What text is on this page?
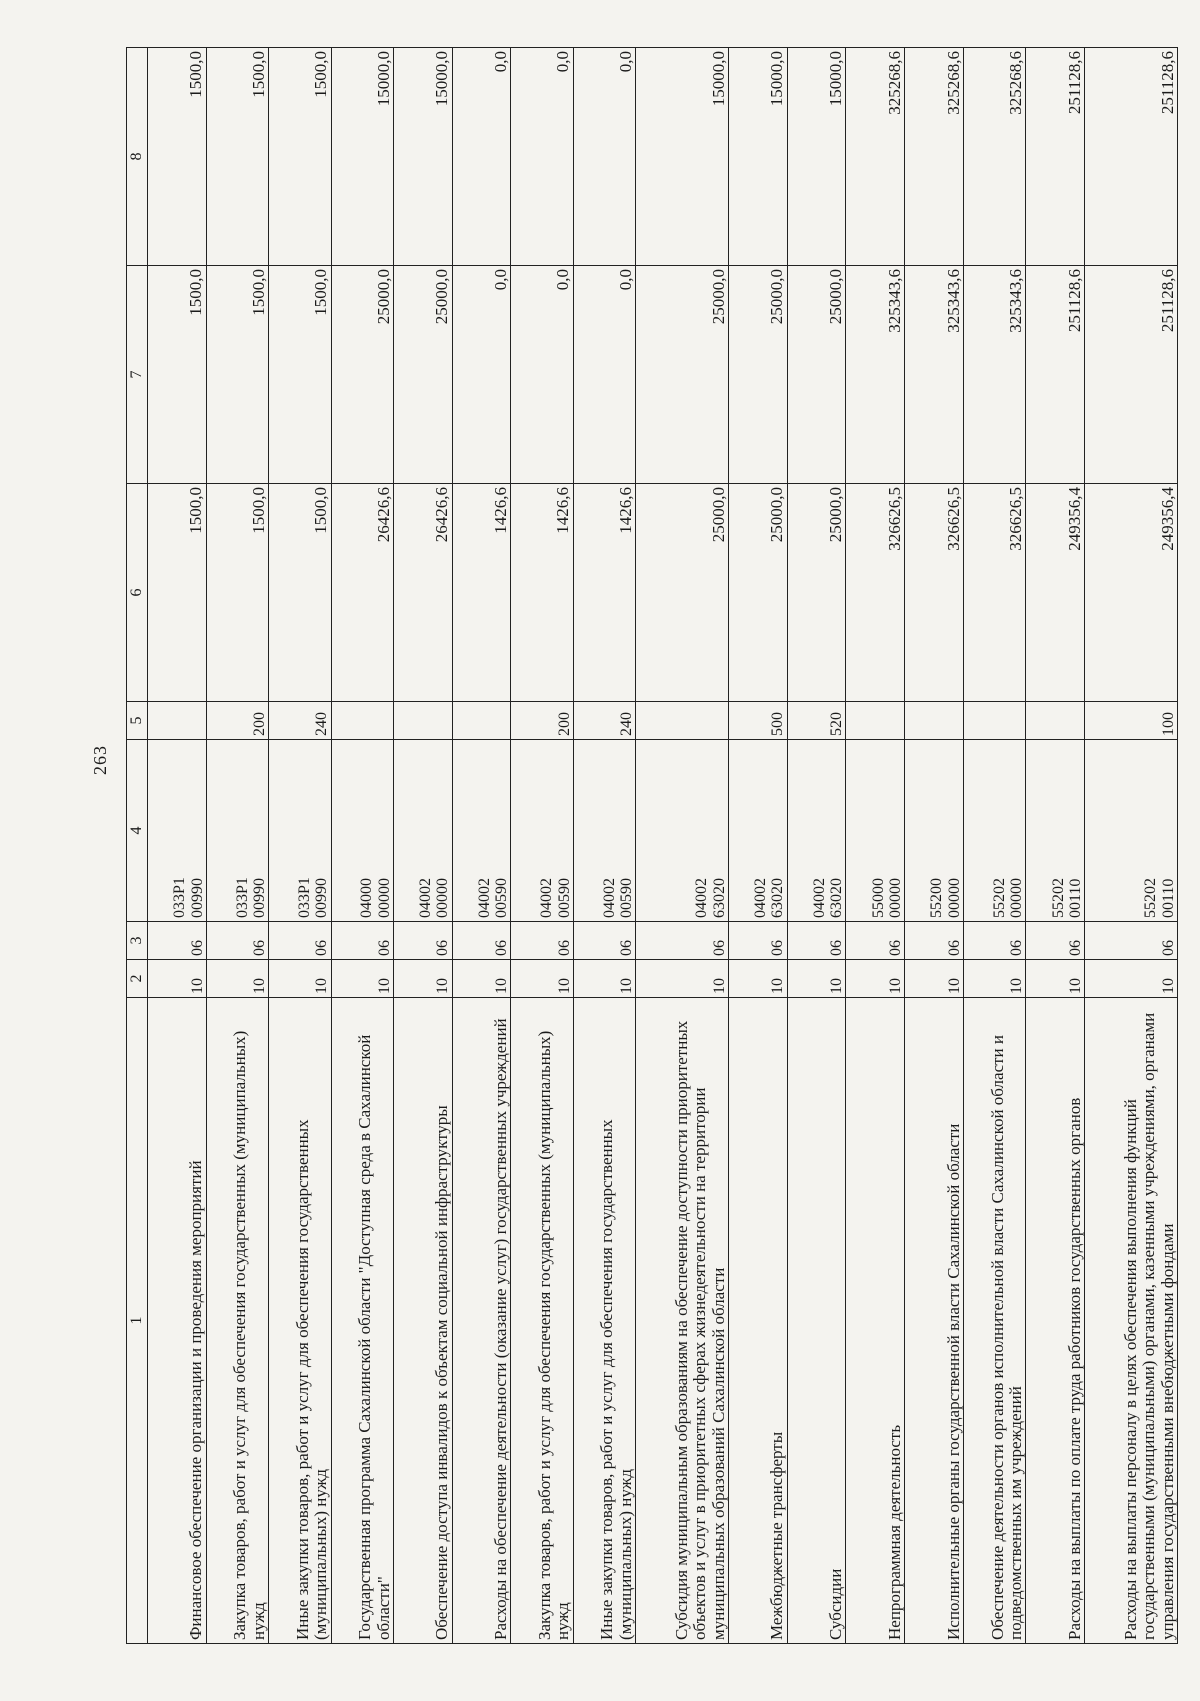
263
1	2	3	4	5	6	7	8
Финансовое обеспечение организации и проведения мероприятий	10	06	033P100990		1500,0	1500,0	1500,0
Закупка товаров, работ и услуг для обеспечения государственных (муниципальных) нужд	10	06	033P100990	200	1500,0	1500,0	1500,0
Иные закупки товаров, работ и услуг для обеспечения государственных (муниципальных) нужд	10	06	033P100990	240	1500,0	1500,0	1500,0
Государственная программа Сахалинской области "Доступная среда в Сахалинской области"	10	06	0400000000		26426,6	25000,0	15000,0
Обеспечение доступа инвалидов к объектам социальной инфраструктуры	10	06	0400200000		26426,6	25000,0	15000,0
Расходы на обеспечение деятельности (оказание услуг) государственных учреждений	10	06	0400200590		1426,6	0,0	0,0
Закупка товаров, работ и услуг для обеспечения государственных (муниципальных) нужд	10	06	0400200590	200	1426,6	0,0	0,0
Иные закупки товаров, работ и услуг для обеспечения государственных (муниципальных) нужд	10	06	0400200590	240	1426,6	0,0	0,0
Субсидия муниципальным образованиям на обеспечение доступности приоритетных объектов и услуг в приоритетных сферах жизнедеятельности на территории муниципальных образований Сахалинской области	10	06	0400263020		25000,0	25000,0	15000,0
Межбюджетные трансферты	10	06	0400263020	500	25000,0	25000,0	15000,0
Субсидии	10	06	0400263020	520	25000,0	25000,0	15000,0
Непрограммная деятельность	10	06	5500000000		326626,5	325343,6	325268,6
Исполнительные органы государственной власти Сахалинской области	10	06	5520000000		326626,5	325343,6	325268,6
Обеспечение деятельности органов исполнительной власти Сахалинской области и подведомственных им учреждений	10	06	5520200000		326626,5	325343,6	325268,6
Расходы на выплаты по оплате труда работников государственных органов	10	06	5520200110		249356,4	251128,6	251128,6
Расходы на выплаты персоналу в целях обеспечения выполнения функций государственными (муниципальными) органами, казенными учреждениями, органами управления государственными внебюджетными фондами	10	06	5520200110	100	249356,4	251128,6	251128,6
